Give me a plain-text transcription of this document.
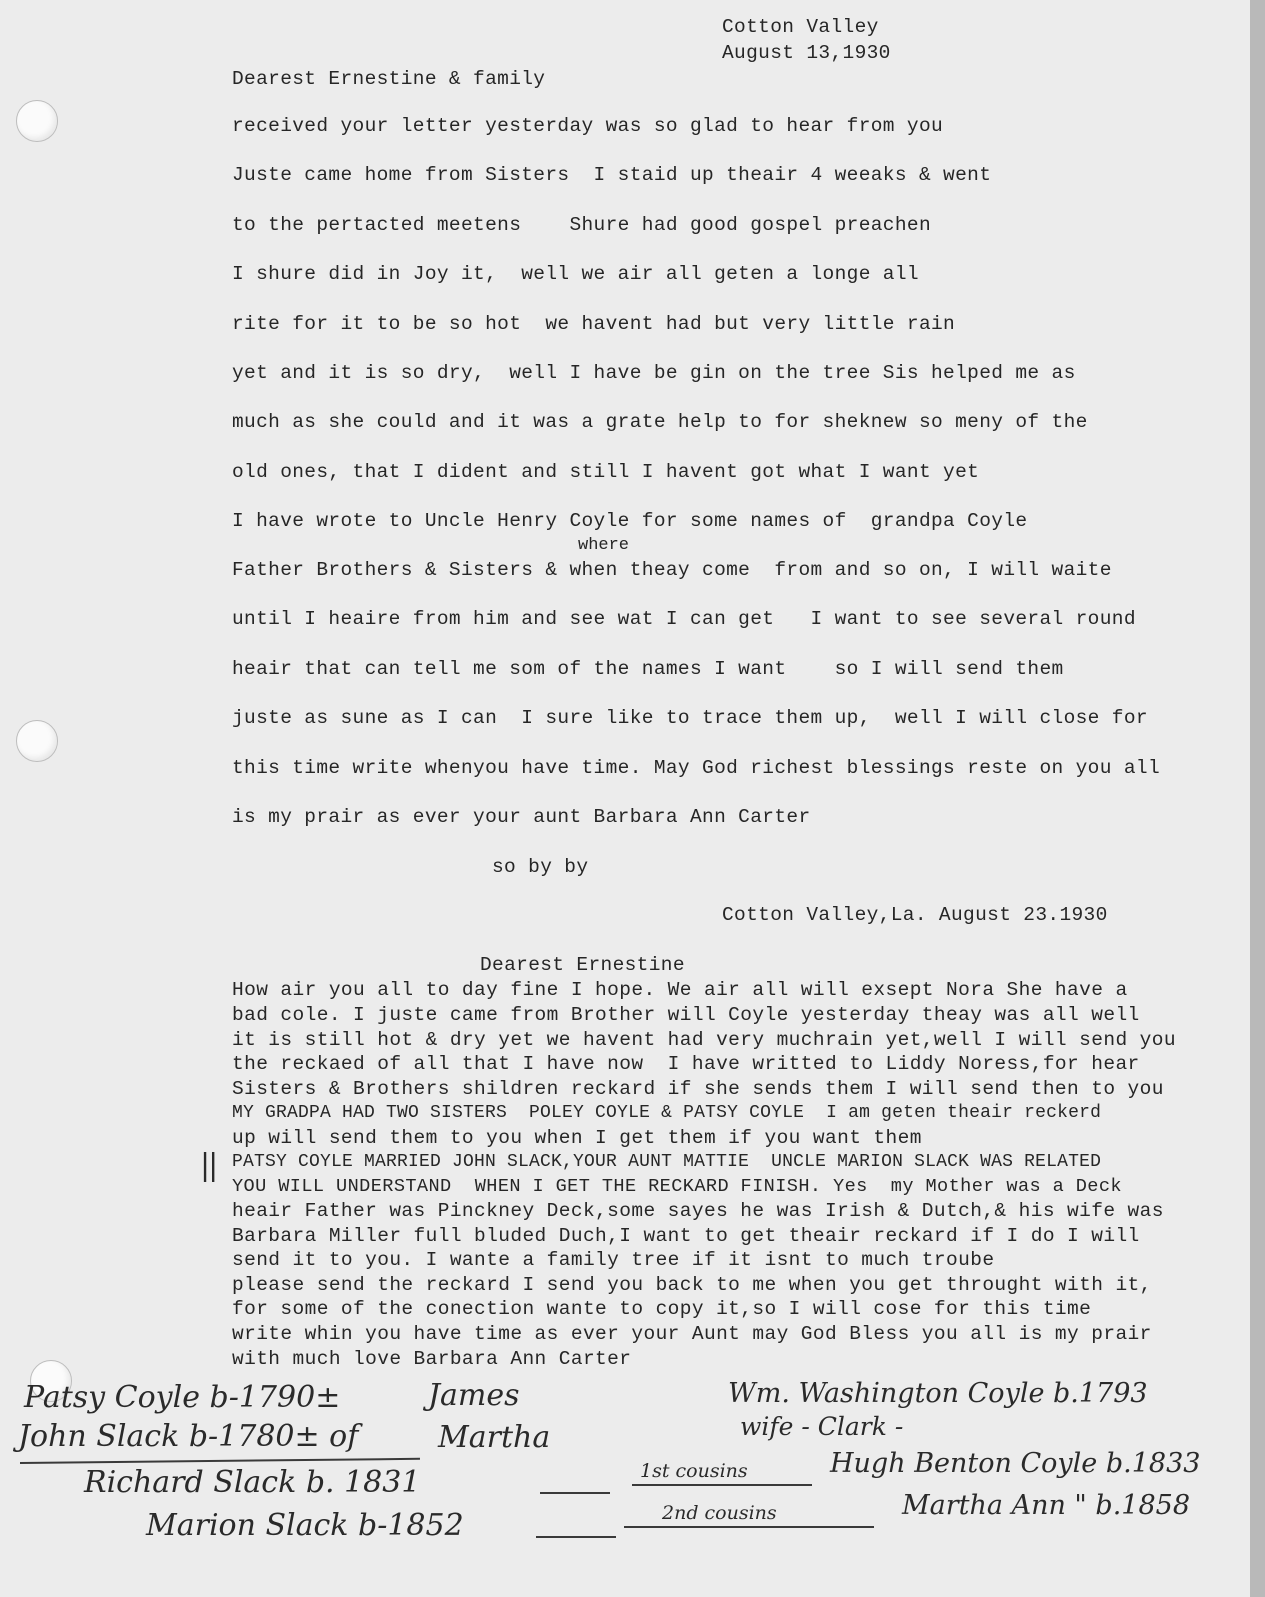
Cotton Valley
August 13,1930
Dearest Ernestine & family
received your letter yesterday was so glad to hear from you
Juste came home from Sisters  I staid up theair 4 weeaks & went
to the pertacted meetens    Shure had good gospel preachen
I shure did in Joy it,  well we air all geten a longe all
rite for it to be so hot  we havent had but very little rain
yet and it is so dry,  well I have be gin on the tree Sis helped me as
much as she could and it was a grate help to for sheknew so meny of the
old ones, that I dident and still I havent got what I want yet
I have wrote to Uncle Henry Coyle for some names of  grandpa Coyle
Father Brothers & Sisters & when theay come  from and so on, I will waite
until I heaire from him and see wat I can get   I want to see several round
heair that can tell me som of the names I want    so I will send them
juste as sune as I can  I sure like to trace them up,  well I will close for
this time write whenyou have time. May God richest blessings reste on you all
is my prair as ever your aunt Barbara Ann Carter
where
so by by
Cotton Valley,La. August 23.1930
Dearest Ernestine
How air you all to day fine I hope. We air all will exsept Nora She have a
bad cole. I juste came from Brother will Coyle yesterday theay was all well
it is still hot & dry yet we havent had very muchrain yet,well I will send you
the reckaed of all that I have now  I have writted to Liddy Noress,for hear
Sisters & Brothers shildren reckard if she sends them I will send then to you
MY GRADPA HAD TWO SISTERS  POLEY COYLE & PATSY COYLE  I am geten theair reckerd
up will send them to you when I get them if you want them
PATSY COYLE MARRIED JOHN SLACK,YOUR AUNT MATTIE  UNCLE MARION SLACK WAS RELATED
YOU WILL UNDERSTAND  WHEN I GET THE RECKARD FINISH. Yes  my Mother was a Deck
heair Father was Pinckney Deck,some sayes he was Irish & Dutch,& his wife was
Barbara Miller full bluded Duch,I want to get theair reckard if I do I will
send it to you. I wante a family tree if it isnt to much troube
please send the reckard I send you back to me when you get throught with it,
for some of the conection wante to copy it,so I will cose for this time
write whin you have time as ever your Aunt may God Bless you all is my prair
with much love Barbara Ann Carter
||
Patsy Coyle b-1790±
John Slack b-1780± of
James
Martha
Richard Slack b. 1831
Marion Slack b-1852
1st cousins
2nd cousins
Wm. Washington Coyle b.1793
wife - Clark -
Hugh Benton Coyle b.1833
Martha Ann " b.1858
